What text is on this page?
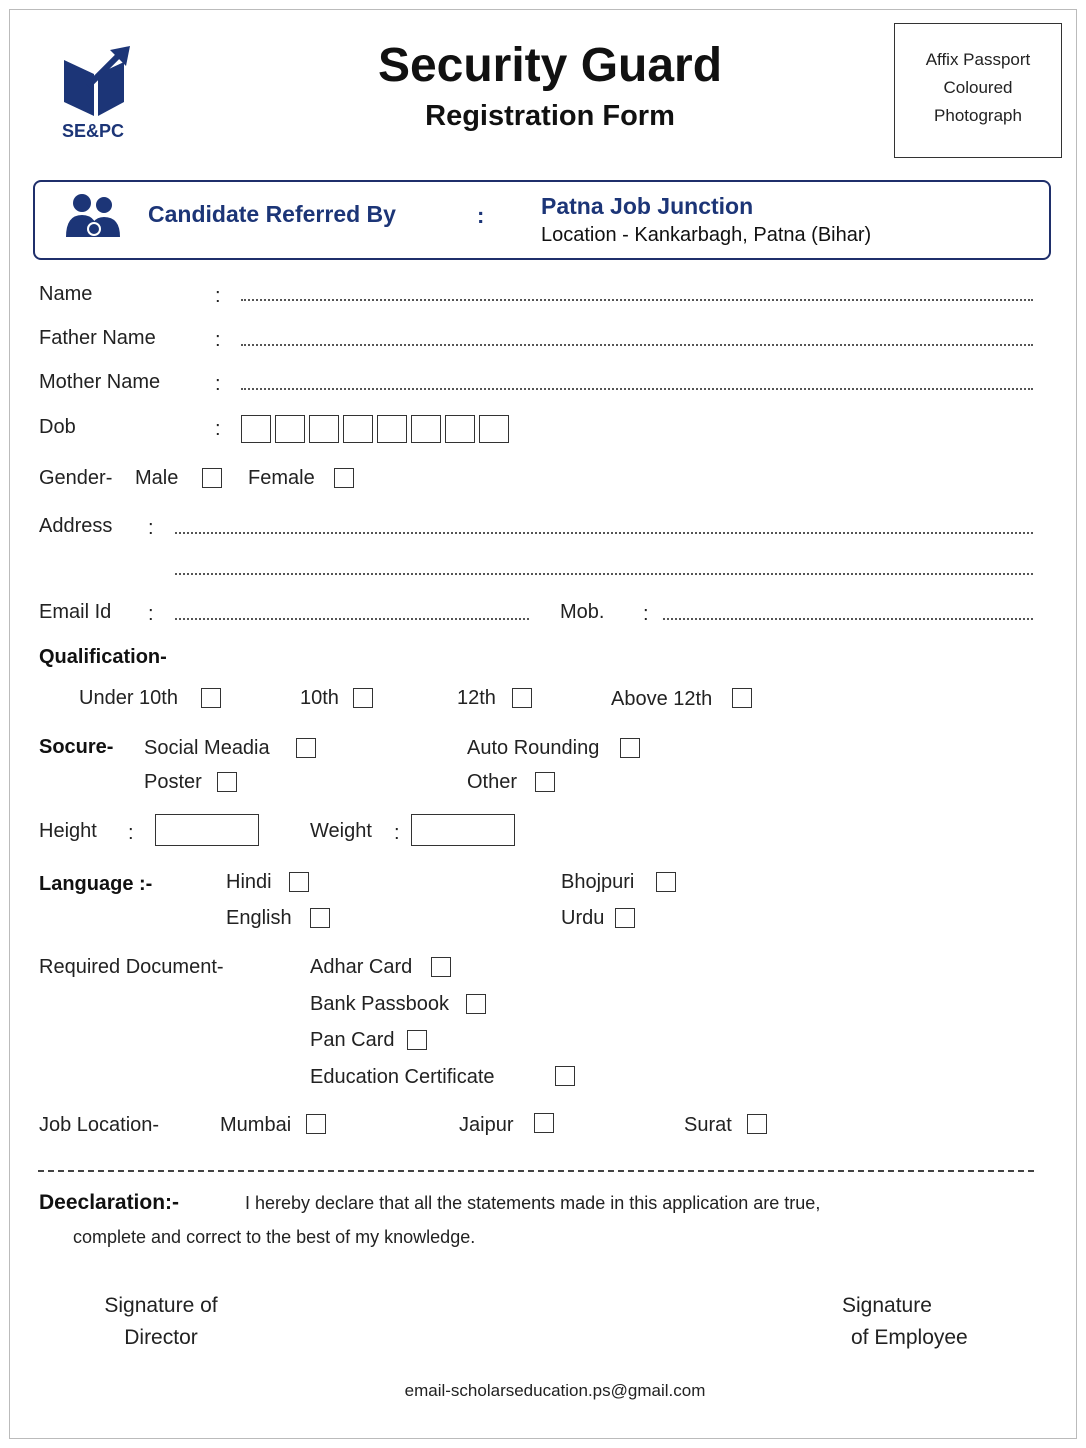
SE&PC
Security Guard
Registration Form
Affix Passport
Coloured
Photograph
Candidate Referred By	: Patna Job Junction
Location - Kankarbagh, Patna (Bihar)
Name	:
Father Name	:
Mother Name	:
Dob	:
Gender- Male	Female
Address :
Email Id :	Mob. :
Qualification-
Under 10th	10th	12th	Above 12th
Socure- Social Meadia	Auto Rounding
Poster	Other
Height :	Weight :
Language :-	Hindi	Bhojpuri
English	Urdu
Required Document-	Adhar Card
Bank Passbook
Pan Card
Education Certificate
Job Location-	Mumbai	Jaipur	Surat
Deeclaration:-	I hereby declare that all the statements made in this application are true,
complete and correct to the best of my knowledge.
Signature of
Director
Signature
of Employee
email-scholarseducation.ps@gmail.com
